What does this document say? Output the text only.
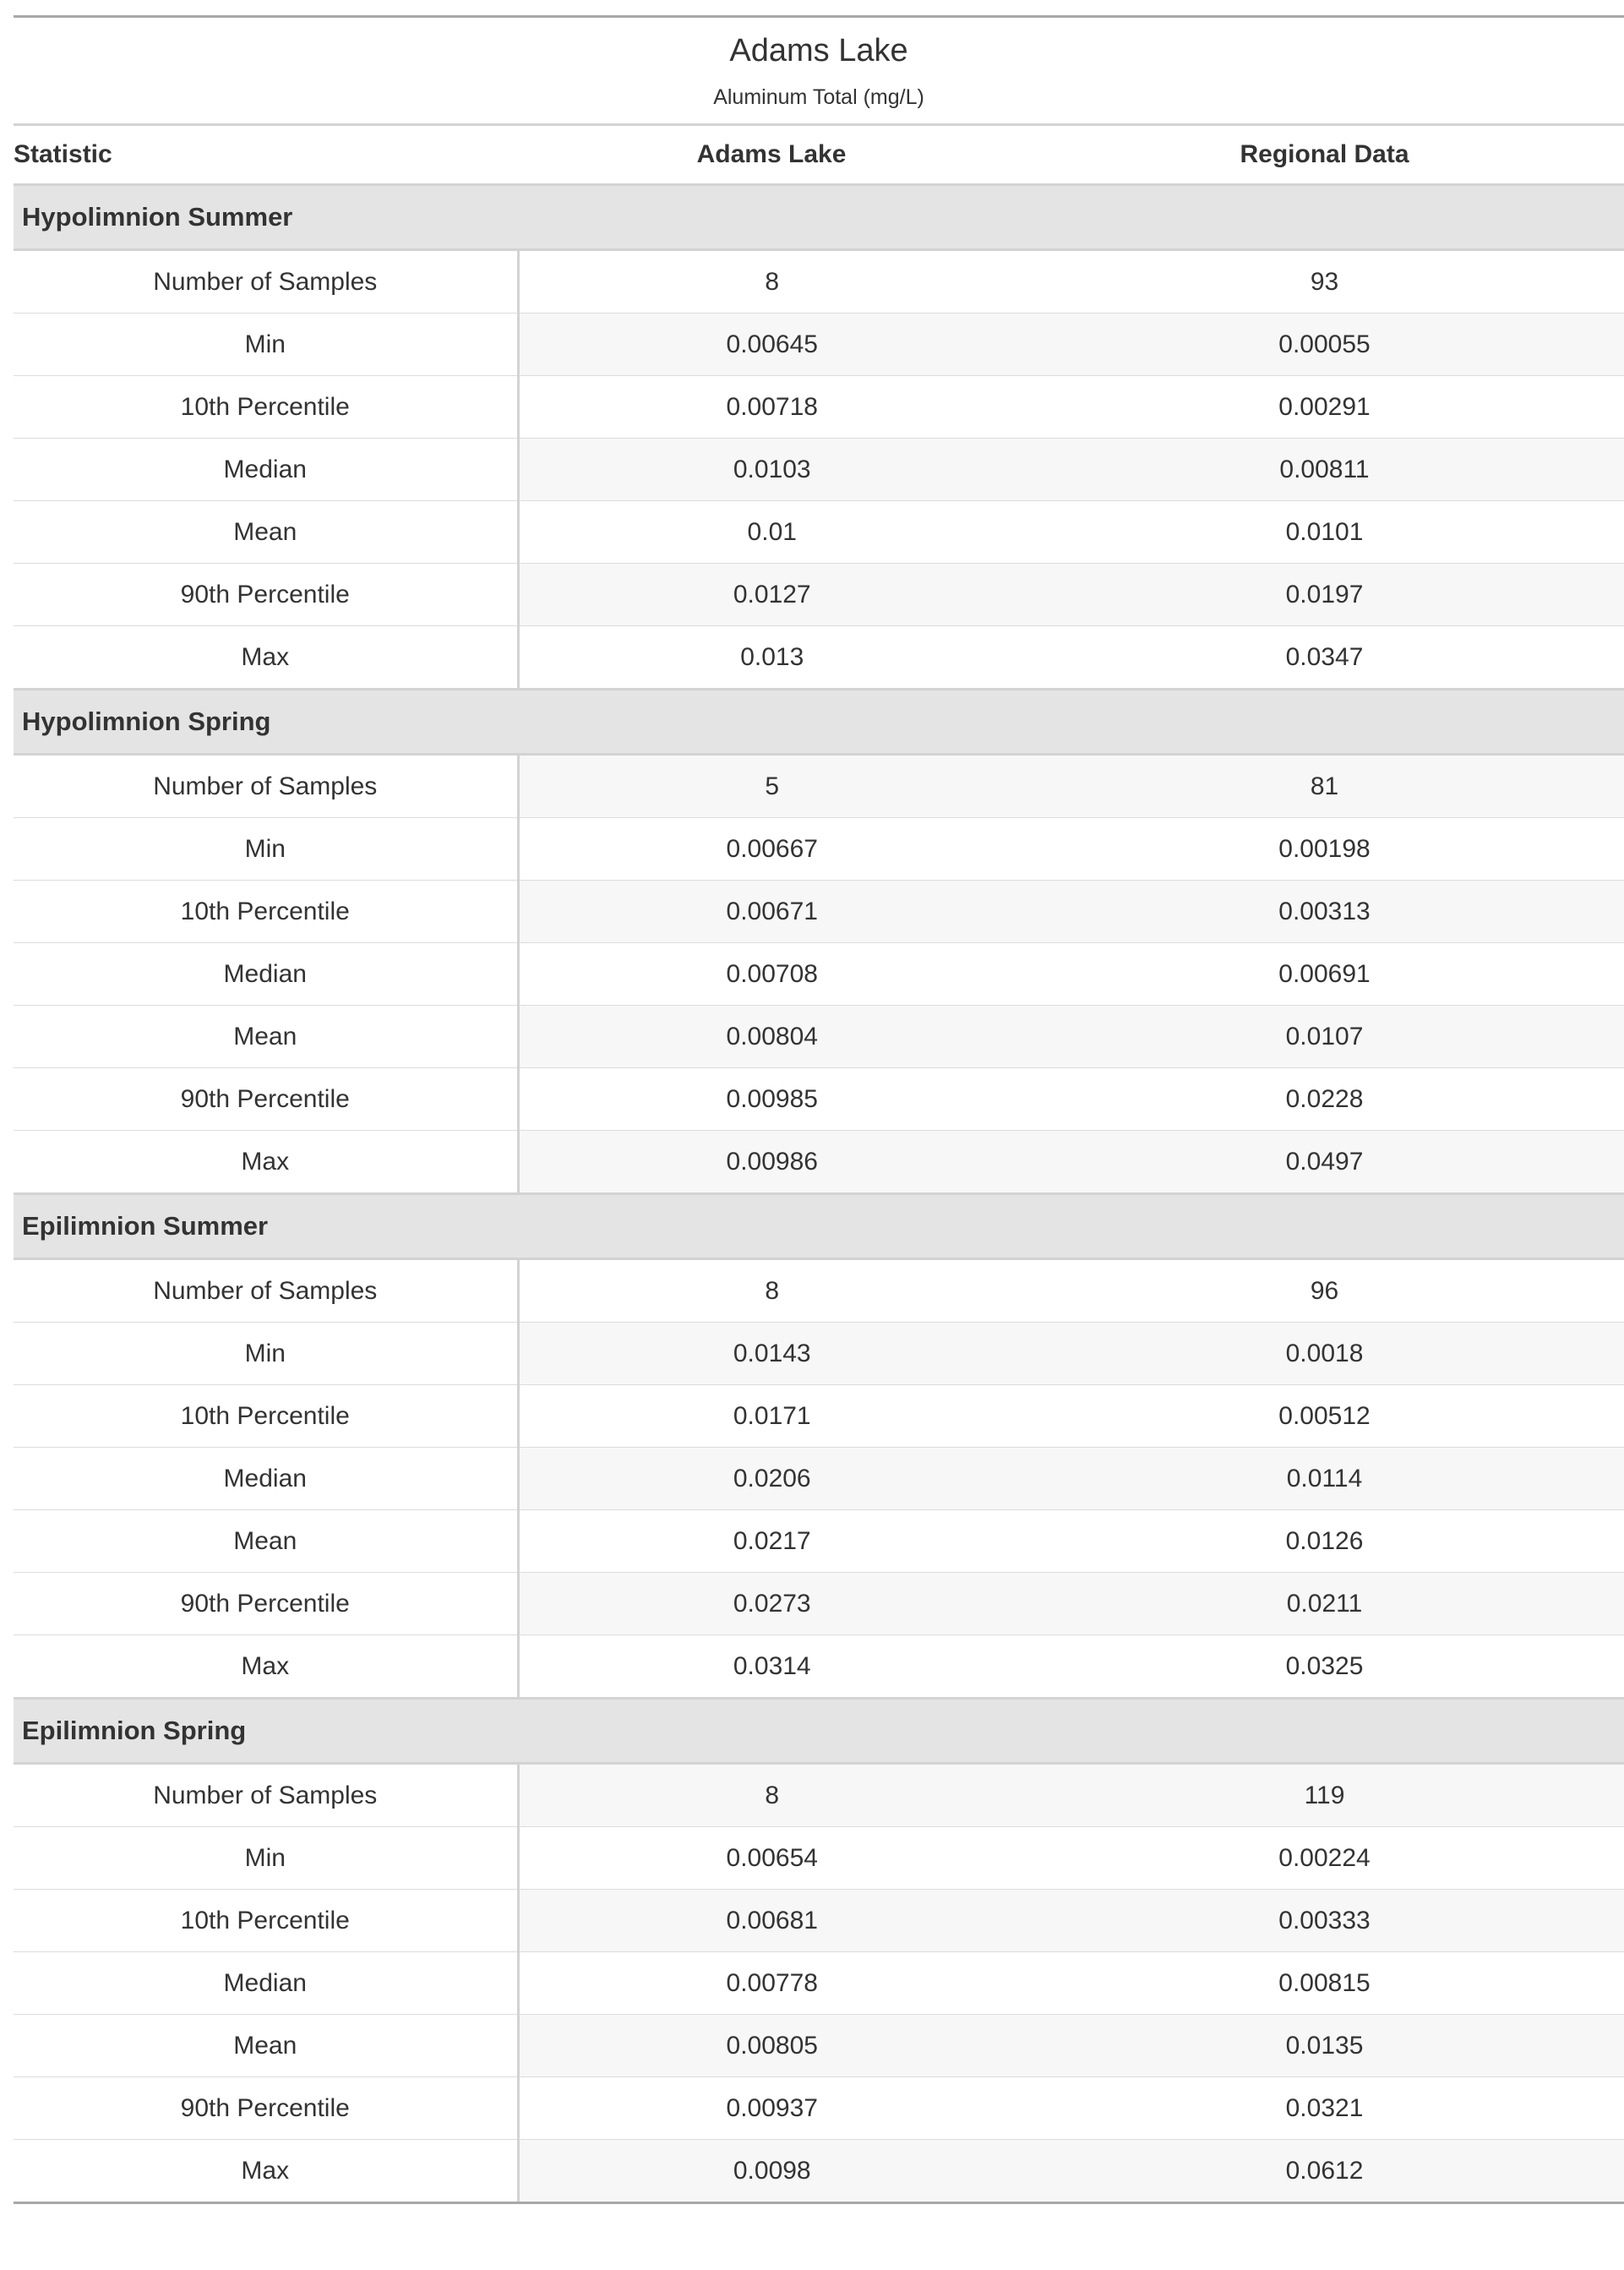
Adams Lake
Aluminum Total (mg/L)		

Statistic	Adams Lake	Regional Data
Hypolimnion Summer		
Number of Samples	8	93
Min	0.00645	0.00055
10th Percentile	0.00718	0.00291
Median	0.0103	0.00811
Mean	0.01	0.0101
90th Percentile	0.0127	0.0197
Max	0.013	0.0347
Hypolimnion Spring		
Number of Samples	5	81
Min	0.00667	0.00198
10th Percentile	0.00671	0.00313
Median	0.00708	0.00691
Mean	0.00804	0.0107
90th Percentile	0.00985	0.0228
Max	0.00986	0.0497
Epilimnion Summer		
Number of Samples	8	96
Min	0.0143	0.0018
10th Percentile	0.0171	0.00512
Median	0.0206	0.0114
Mean	0.0217	0.0126
90th Percentile	0.0273	0.0211
Max	0.0314	0.0325
Epilimnion Spring		
Number of Samples	8	119
Min	0.00654	0.00224
10th Percentile	0.00681	0.00333
Median	0.00778	0.00815
Mean	0.00805	0.0135
90th Percentile	0.00937	0.0321
Max	0.0098	0.0612
